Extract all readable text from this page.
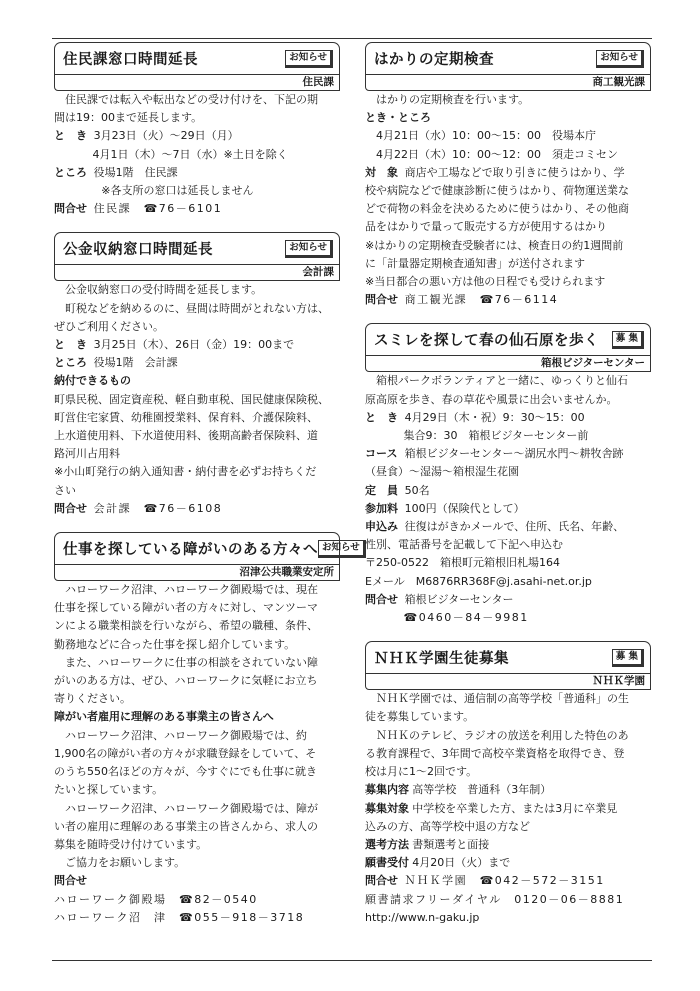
住民課窓口時間延長	お知らせ
住民課

住民課では転入や転出などの受け付けを、下記の期

間は19：00まで延長します。

と　き 3月23日（火）～29日（月）

4月1日（木）～7日（水）※土日を除く

ところ 役場1階　住民課

※各支所の窓口は延長しません

問合せ 住民課　☎76－6101

公金収納窓口時間延長	お知らせ
会計課

公金収納窓口の受付時間を延長します。

町税などを納めるのに、昼間は時間がとれない方は、

ぜひご利用ください。

と　き 3月25日（木）、26日（金）19：00まで

ところ 役場1階　会計課

納付できるもの

町県民税、固定資産税、軽自動車税、国民健康保険税、

町営住宅家賃、幼稚園授業料、保育料、介護保険料、

上水道使用料、下水道使用料、後期高齢者保険料、道

路河川占用料

※小山町発行の納入通知書・納付書を必ずお持ちくだ

さい

問合せ 会計課　☎76－6108

仕事を探している障がいのある方々へ お知らせ
沼津公共職業安定所

ハローワーク沼津、ハローワーク御殿場では、現在

仕事を探している障がい者の方々に対し、マンツーマ

ンによる職業相談を行いながら、希望の職種、条件、

勤務地などに合った仕事を探し紹介しています。

また、ハローワークに仕事の相談をされていない障

がいのある方は、ぜひ、ハローワークに気軽にお立ち

寄りください。

障がい者雇用に理解のある事業主の皆さんへ

ハローワーク沼津、ハローワーク御殿場では、約

1,900名の障がい者の方々が求職登録をしていて、そ

のうち550名ほどの方々が、今すぐにでも仕事に就き

たいと探しています。

ハローワーク沼津、ハローワーク御殿場では、障が

い者の雇用に理解のある事業主の皆さんから、求人の

募集を随時受け付けています。

ご協力をお願いします。

問合せ

ハローワーク御殿場　☎82－0540

ハローワーク沼　津　☎055－918－3718

はかりの定期検査	お知らせ
商工観光課

はかりの定期検査を行います。

とき・ところ

4月21日（水）10：00～15：00　役場本庁

4月22日（木）10：00～12：00　須走コミセン

対　象 商店や工場などで取り引きに使うはかり、学

校や病院などで健康診断に使うはかり、荷物運送業な

どで荷物の料金を決めるために使うはかり、その他商

品をはかりで量って販売する方が使用するはかり

※はかりの定期検査受験者には、検査日の約1週間前

に「計量器定期検査通知書」が送付されます

※当日都合の悪い方は他の日程でも受けられます

問合せ 商工観光課　☎76－6114

スミレを探して春の仙石原を歩く	募 集
箱根ビジターセンター

箱根パークボランティアと一緒に、ゆっくりと仙石

原高原を歩き、春の草花や風景に出会いませんか。

と　き 4月29日（木・祝）9：30～15：00

集合9：30　箱根ビジターセンター前

コース 箱根ビジターセンター～湖尻水門～耕牧舎跡

（昼食）～湿湯～箱根湿生花園

定　員 50名

参加料 100円（保険代として）

申込み 往復はがきかメールで、住所、氏名、年齢、

性別、電話番号を記載して下記へ申込む

〒250-0522　箱根町元箱根旧札場164

Eメール　M6876RR368F@j.asahi-net.or.jp

問合せ 箱根ビジターセンター

☎0460－84－9981

ＮＨＫ学園生徒募集	募 集
ＮＨＫ学園

ＮＨＫ学園では、通信制の高等学校「普通科」の生

徒を募集しています。

ＮＨＫのテレビ、ラジオの放送を利用した特色のあ

る教育課程で、3年間で高校卒業資格を取得でき、登

校は月に1～2回です。

募集内容 高等学校　普通科（3年制）

募集対象 中学校を卒業した方、または3月に卒業見

込みの方、高等学校中退の方など

選考方法 書類選考と面接

願書受付 4月20日（火）まで

問合せ ＮＨＫ学園　☎042－572－3151

願書請求フリーダイヤル　0120－06－8881

http://www.n-gaku.jp
